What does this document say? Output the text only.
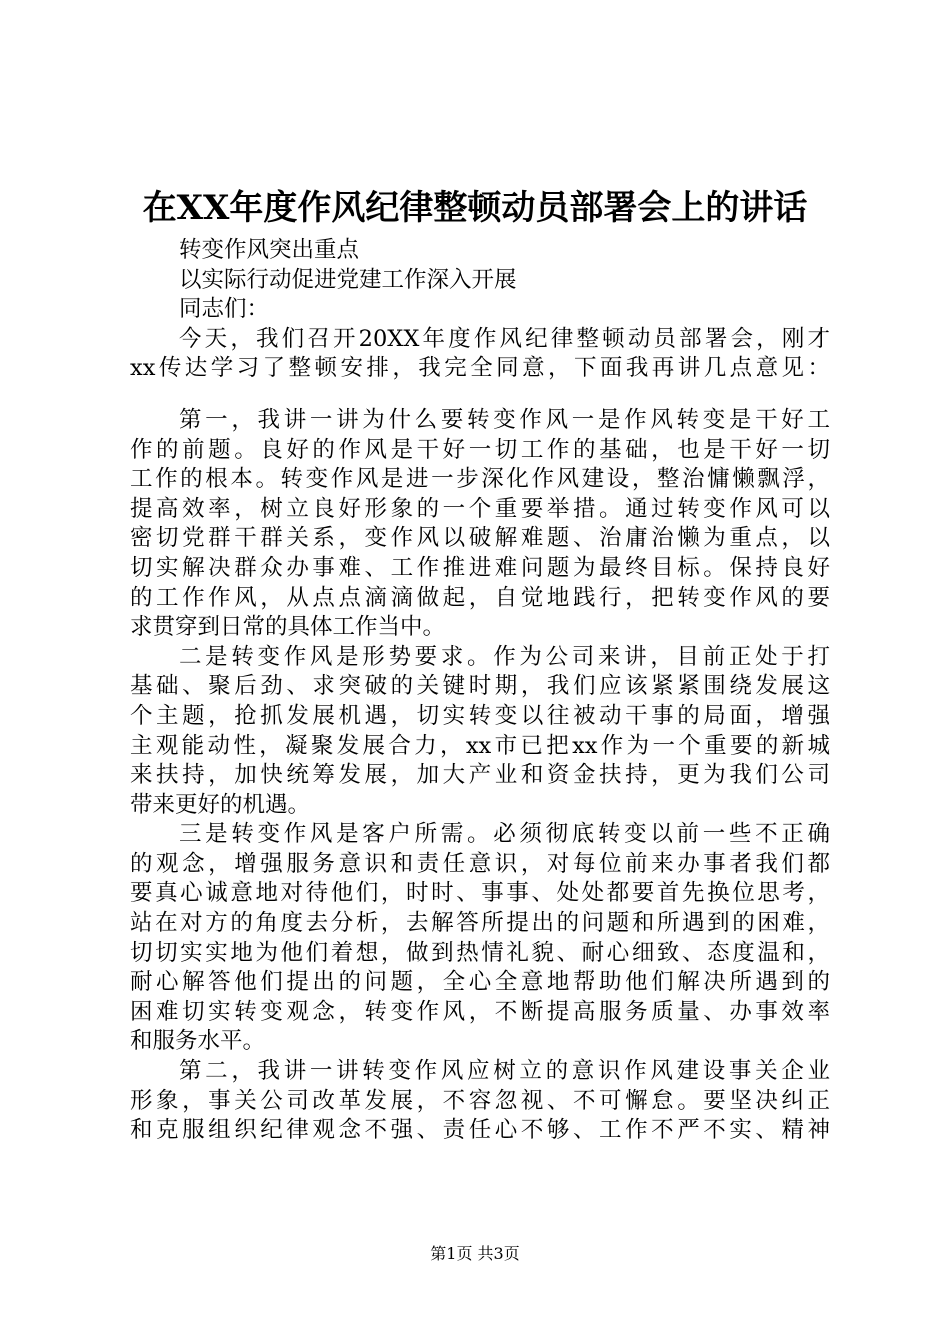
在XX年度作风纪律整顿动员部署会上的讲话
转变作风突出重点
以实际行动促进党建工作深入开展
同志们：
今天，我们召开20XX年度作风纪律整顿动员部署会，刚才
xx传达学习了整顿安排，我完全同意，下面我再讲几点意见：
第一，我讲一讲为什么要转变作风一是作风转变是干好工
作的前题。良好的作风是干好一切工作的基础，也是干好一切
工作的根本。转变作风是进一步深化作风建设，整治慵懒飘浮，
提高效率，树立良好形象的一个重要举措。通过转变作风可以
密切党群干群关系，变作风以破解难题、治庸治懒为重点，以
切实解决群众办事难、工作推进难问题为最终目标。保持良好
的工作作风，从点点滴滴做起，自觉地践行，把转变作风的要
求贯穿到日常的具体工作当中。
二是转变作风是形势要求。作为公司来讲，目前正处于打
基础、聚后劲、求突破的关键时期，我们应该紧紧围绕发展这
个主题，抢抓发展机遇，切实转变以往被动干事的局面，增强
主观能动性，凝聚发展合力，xx市已把xx作为一个重要的新城
来扶持，加快统筹发展，加大产业和资金扶持，更为我们公司
带来更好的机遇。
三是转变作风是客户所需。必须彻底转变以前一些不正确
的观念，增强服务意识和责任意识，对每位前来办事者我们都
要真心诚意地对待他们，时时、事事、处处都要首先换位思考，
站在对方的角度去分析，去解答所提出的问题和所遇到的困难，
切切实实地为他们着想，做到热情礼貌、耐心细致、态度温和，
耐心解答他们提出的问题，全心全意地帮助他们解决所遇到的
困难切实转变观念，转变作风，不断提高服务质量、办事效率
和服务水平。
第二，我讲一讲转变作风应树立的意识作风建设事关企业
形象，事关公司改革发展，不容忽视、不可懈怠。要坚决纠正
和克服组织纪律观念不强、责任心不够、工作不严不实、精神
第1页 共3页
